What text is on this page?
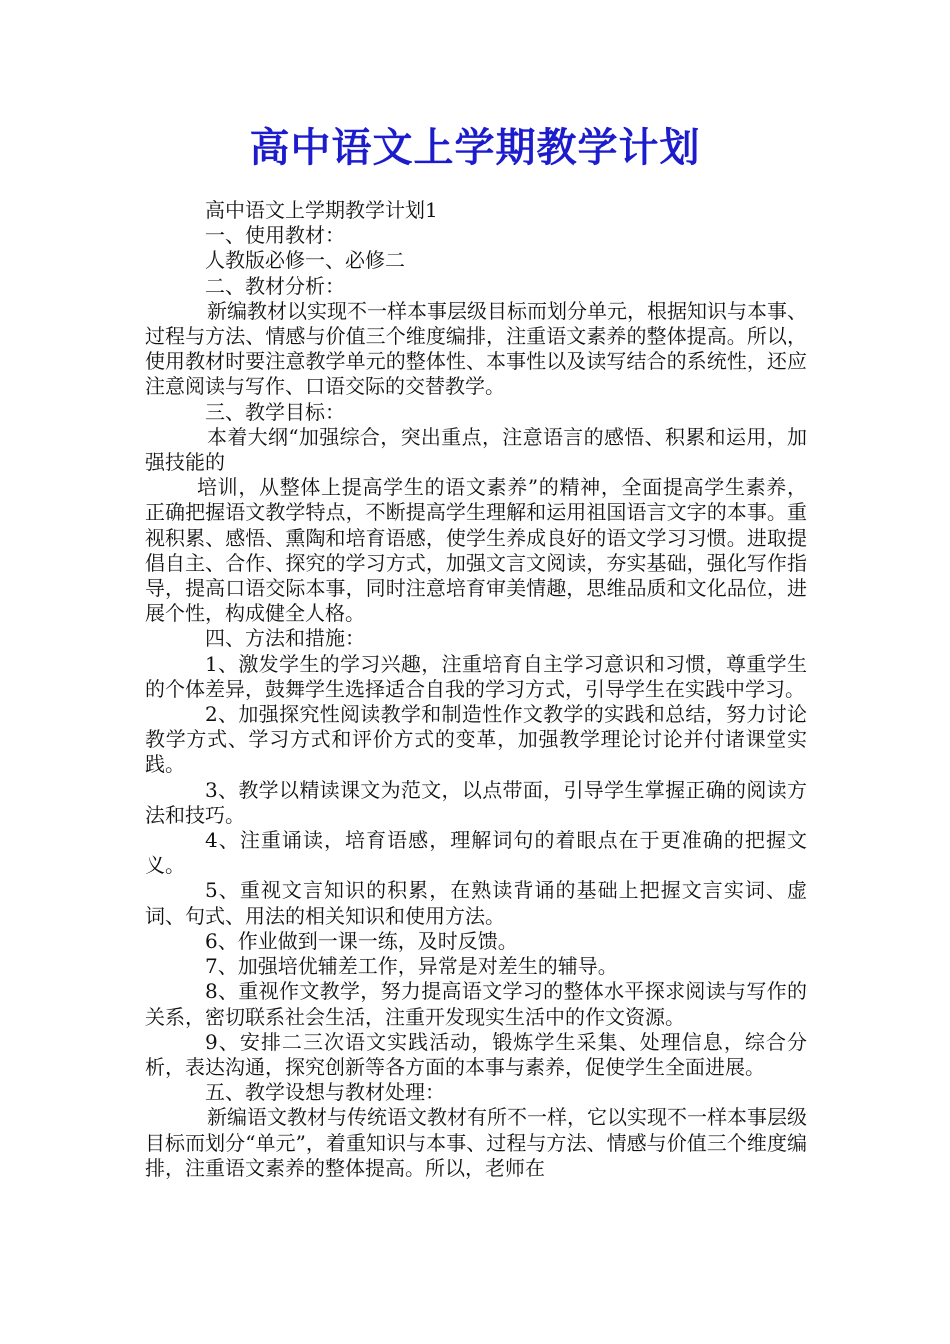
高中语文上学期教学计划

高中语文上学期教学计划1

一、使用教材：

人教版必修一、必修二

二、教材分析：

新编教材以实现不一样本事层级目标而划分单元，根据知识与本事、过程与方法、情感与价值三个维度编排，注重语文素养的整体提高。所以，使用教材时要注意教学单元的整体性、本事性以及读写结合的系统性，还应注意阅读与写作、口语交际的交替教学。

三、教学目标：

本着大纲“加强综合，突出重点，注意语言的感悟、积累和运用，加强技能的

培训，从整体上提高学生的语文素养”的精神，全面提高学生素养，正确把握语文教学特点，不断提高学生理解和运用祖国语言文字的本事。重视积累、感悟、熏陶和培育语感，使学生养成良好的语文学习习惯。进取提倡自主、合作、探究的学习方式，加强文言文阅读，夯实基础，强化写作指导，提高口语交际本事，同时注意培育审美情趣，思维品质和文化品位，进展个性，构成健全人格。

四、方法和措施：

1、激发学生的学习兴趣，注重培育自主学习意识和习惯，尊重学生的个体差异，鼓舞学生选择适合自我的学习方式，引导学生在实践中学习。

2、加强探究性阅读教学和制造性作文教学的实践和总结，努力讨论教学方式、学习方式和评价方式的变革，加强教学理论讨论并付诸课堂实践。

3、教学以精读课文为范文，以点带面，引导学生掌握正确的阅读方法和技巧。

4、注重诵读，培育语感，理解词句的着眼点在于更准确的把握文义。

5、重视文言知识的积累，在熟读背诵的基础上把握文言实词、虚词、句式、用法的相关知识和使用方法。

6、作业做到一课一练，及时反馈。

7、加强培优辅差工作，异常是对差生的辅导。

8、重视作文教学，努力提高语文学习的整体水平探求阅读与写作的关系，密切联系社会生活，注重开发现实生活中的作文资源。

9、安排二三次语文实践活动，锻炼学生采集、处理信息，综合分析，表达沟通，探究创新等各方面的本事与素养，促使学生全面进展。

五、教学设想与教材处理：

新编语文教材与传统语文教材有所不一样，它以实现不一样本事层级目标而划分“单元”，着重知识与本事、过程与方法、情感与价值三个维度编排，注重语文素养的整体提高。所以，老师在
